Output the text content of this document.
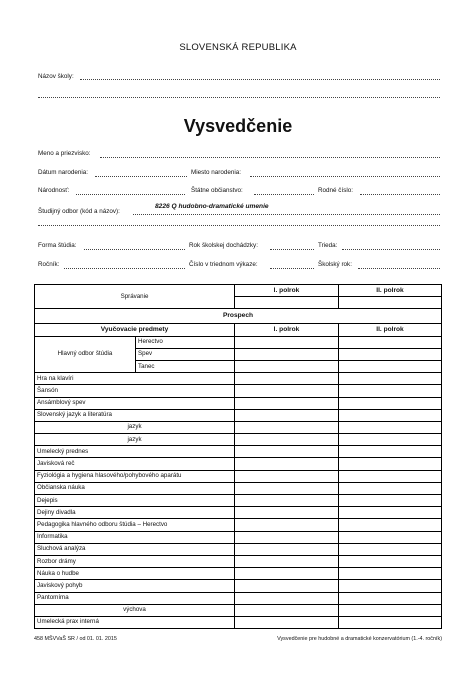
SLOVENSKÁ REPUBLIKA
Názov školy:
Vysvedčenie
Meno a priezvisko:
Dátum narodenia:	Miesto narodenia:
Národnosť:	Štátne občianstvo:	Rodné číslo:
Študijný odbor (kód a názov):
8226 Q hudobno-dramatické umenie
Forma štúdia:	Rok školskej dochádzky:	Trieda:
Ročník:	Číslo v triednom výkaze:	Školský rok:
Správanie		I. polrok	II. polrok

Prospech			
Vyučovacie predmety		I. polrok	II. polrok
Hlavný odbor štúdia	Herectvo		
	Spev		
	Tanec		
Hra na klavíri			
Šansón			
Ansámblový spev			
Slovenský jazyk a literatúra			
jazyk			
jazyk			
Umelecký prednes			
Javisková reč			
Fyziológia a hygiena hlasového/pohybového aparátu			
Občianska náuka			
Dejepis			
Dejiny divadla			
Pedagogika hlavného odboru štúdia – Herectvo			
Informatika			
Sluchová analýza			
Rozbor drámy			
Náuka o hudbe			
Javiskový pohyb			
Pantomíma			
výchova			
Umelecká prax interná			
458 MŠVVaŠ SR / od 01. 01. 2015	Vysvedčenie pre hudobné a dramatické konzervatórium (1.-4. ročník)
